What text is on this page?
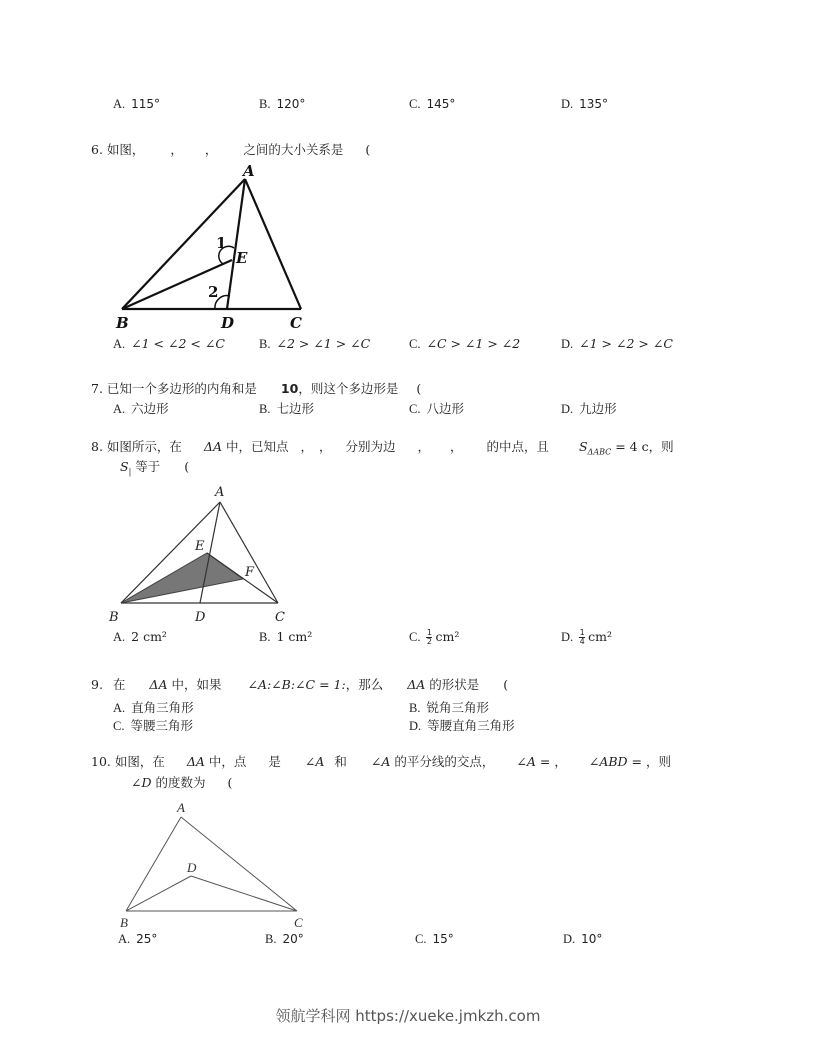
A. 115°	B. 120°	C. 145°	D. 135°
6. 如图， ， ， 之间的大小关系是 (
A
B	C
D
E
1
2
A. ∠1 < ∠2 < ∠C	B. ∠2 > ∠1 > ∠C	C. ∠C > ∠1 > ∠2	D. ∠1 > ∠2 > ∠C
7. 已知一个多边形的内角和是 10，则这个多边形是 (
A. 六边形	B. 七边形	C. 八边形	D. 九边形
8. 如图所示，在 ΔA 中，已知点 ， ， 分别为边 ， ， 的中点，且 $S_{\Delta ABC} = 4$ c，则
$S_|$ 等于 (
A
B	C
D
E
F
A. 2 cm²	B. 1 cm²	C. $\frac{1}{2} cm^2$	D. $\frac{1}{4} cm^2$
9. 在 ΔA 中，如果 ∠A:∠B:∠C = 1:，那么 ΔA 的形状是 (
A. 直角三角形	B. 锐角三角形
C. 等腰三角形	D. 等腰直角三角形
10. 如图，在 ΔA 中，点 是 ∠A 和 ∠A 的平分线的交点， ∠A = ， ∠ABD = ，则
∠D 的度数为 (
A
B	C
D
A. 25°	B. 20°	C. 15°	D. 10°
领航学科网 https://xueke.jmkzh.com
